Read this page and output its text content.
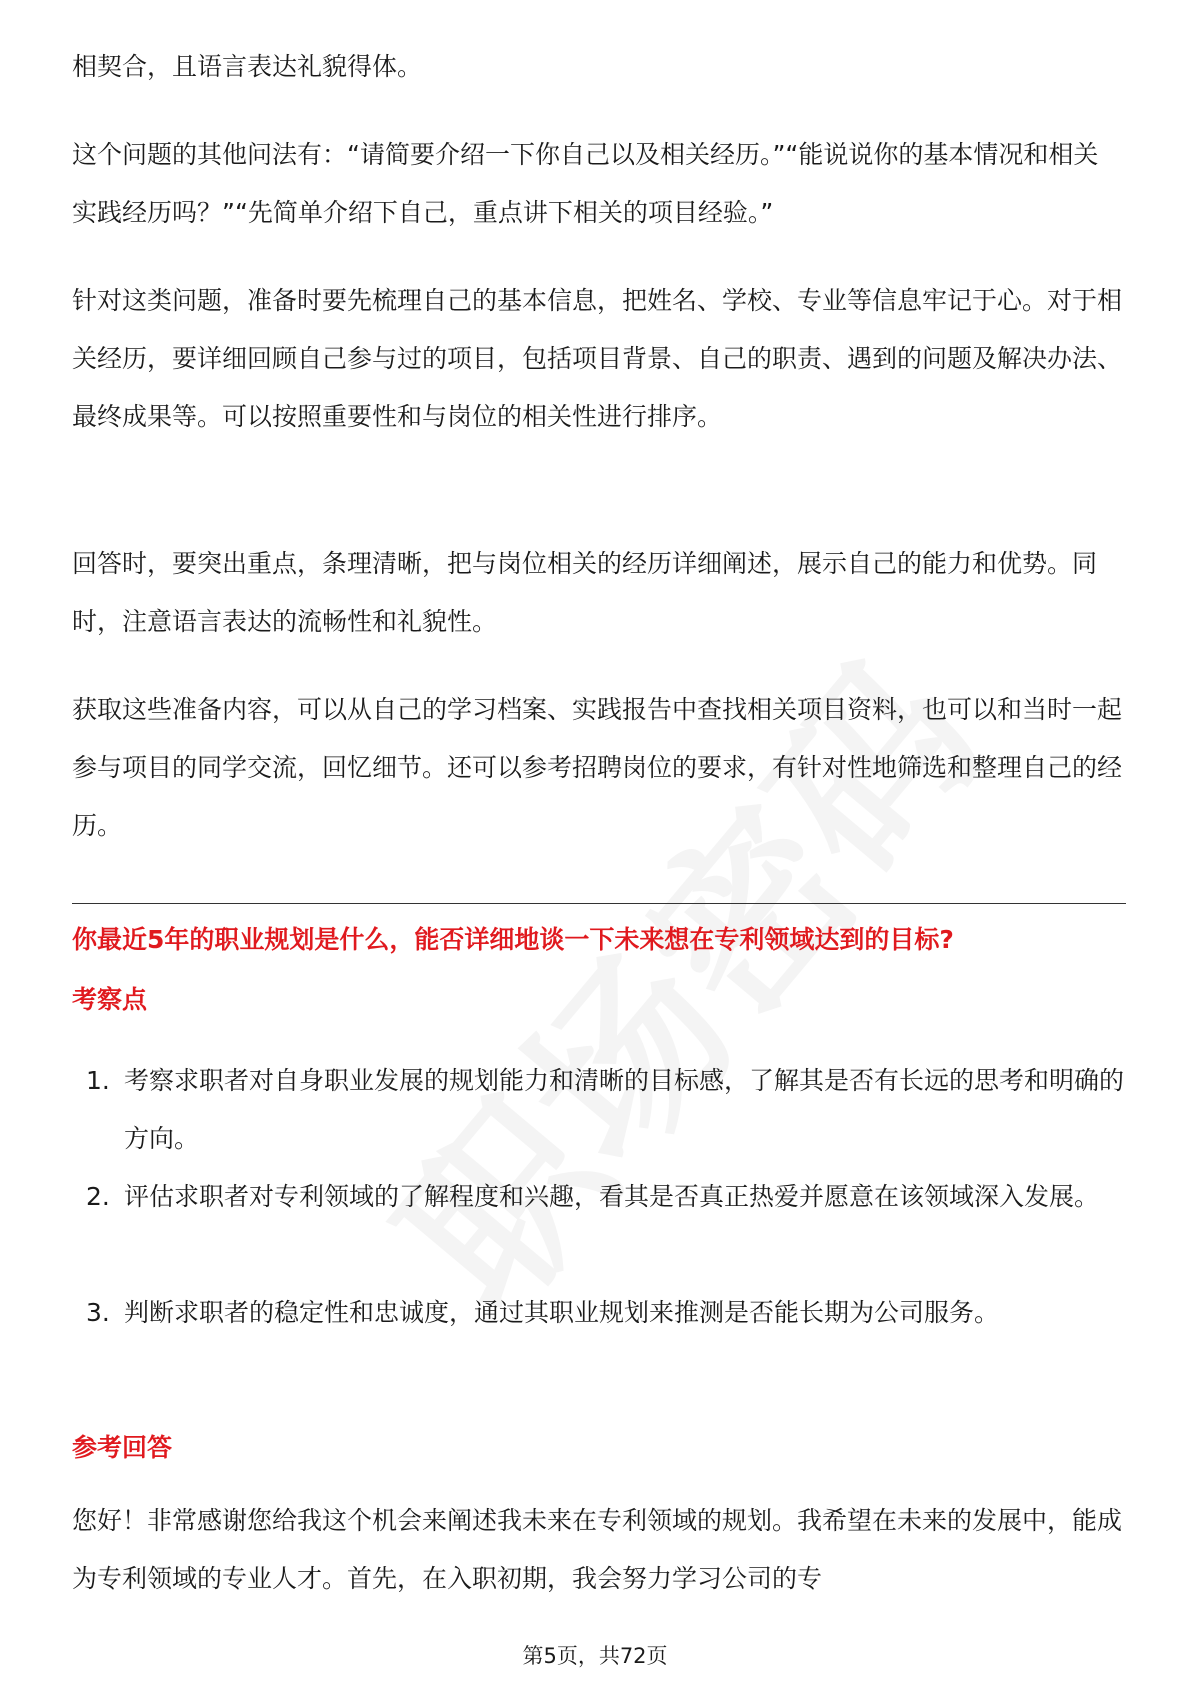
相契合，且语言表达礼貌得体。

这个问题的其他问法有：“请简要介绍一下你自己以及相关经历。”“能说说你的基本情况和相关实践经历吗？”“先简单介绍下自己，重点讲下相关的项目经验。”

针对这类问题，准备时要先梳理自己的基本信息，把姓名、学校、专业等信息牢记于心。对于相关经历，要详细回顾自己参与过的项目，包括项目背景、自己的职责、遇到的问题及解决办法、最终成果等。可以按照重要性和与岗位的相关性进行排序。

回答时，要突出重点，条理清晰，把与岗位相关的经历详细阐述，展示自己的能力和优势。同时，注意语言表达的流畅性和礼貌性。

获取这些准备内容，可以从自己的学习档案、实践报告中查找相关项目资料，也可以和当时一起参与项目的同学交流，回忆细节。还可以参考招聘岗位的要求，有针对性地筛选和整理自己的经历。

你最近5年的职业规划是什么，能否详细地谈一下未来想在专利领域达到的目标?

考察点

1. 考察求职者对自身职业发展的规划能力和清晰的目标感，了解其是否有长远的思考和明确的方向。
2. 评估求职者对专利领域的了解程度和兴趣，看其是否真正热爱并愿意在该领域深入发展。
3. 判断求职者的稳定性和忠诚度，通过其职业规划来推测是否能长期为公司服务。

参考回答

您好！非常感谢您给我这个机会来阐述我未来在专利领域的规划。我希望在未来的发展中，能成为专利领域的专业人才。首先，在入职初期，我会努力学习公司的专

第5页，共72页
